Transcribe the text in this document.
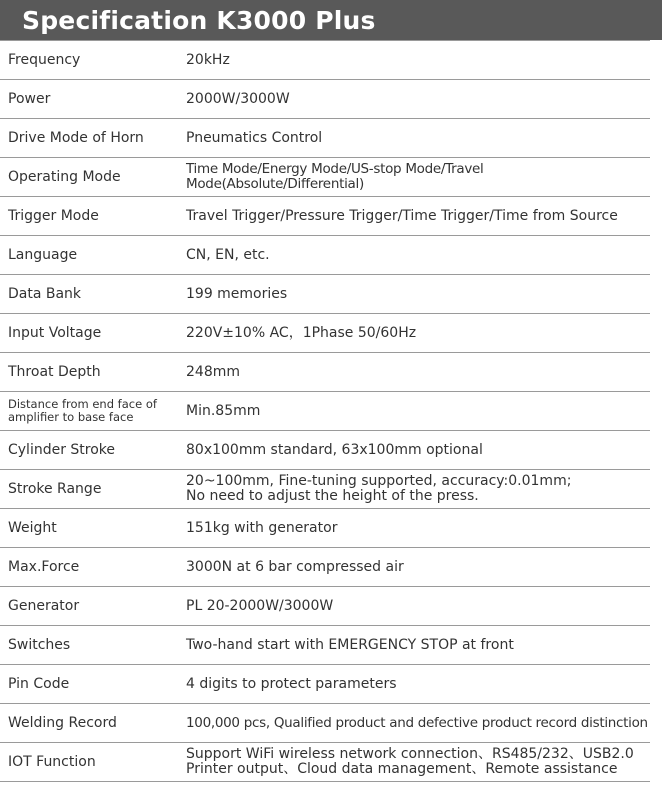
Specification K3000 Plus
Frequency	20kHz
Power	2000W/3000W
Drive Mode of Horn	Pneumatics Control
Operating Mode	Time Mode/Energy Mode/US-stop Mode/Travel Mode(Absolute/Differential)
Trigger Mode	Travel Trigger/Pressure Trigger/Time Trigger/Time from Source
Language	CN, EN, etc.
Data Bank	199 memories
Input Voltage	220V±10% AC，1Phase 50/60Hz
Throat Depth	248mm
Distance from end face of amplifier to base face	Min.85mm
Cylinder Stroke	80x100mm standard, 63x100mm optional
Stroke Range	20~100mm, Fine-tuning supported, accuracy:0.01mm;
No need to adjust the height of the press.

Weight	151kg with generator
Max.Force	3000N at 6 bar compressed air
Generator	PL 20-2000W/3000W
Switches	Two-hand start with EMERGENCY STOP at front
Pin Code	4 digits to protect parameters
Welding Record	100,000 pcs, Qualified product and defective product record distinction
IOT Function	Support WiFi wireless network connection、RS485/232、USB2.0
Printer output、Cloud data management、Remote assistance
